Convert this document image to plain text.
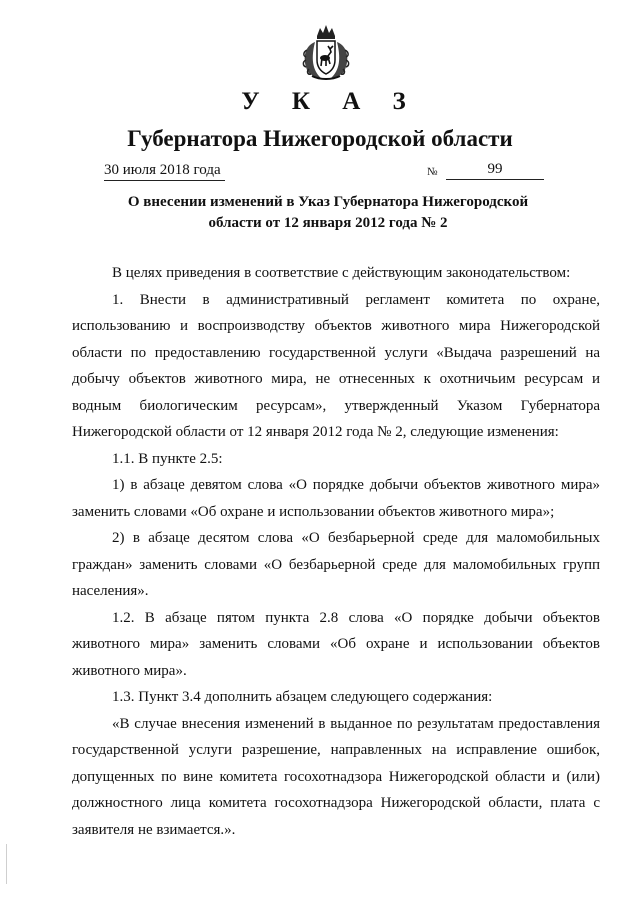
У К А З
Губернатора Нижегородской области
30 июля 2018 года	№	99
О внесении изменений в Указ Губернатора Нижегородской области от 12 января 2012 года № 2

В целях приведения в соответствие с действующим законодательством:

1. Внести в административный регламент комитета по охране, использованию и воспроизводству объектов животного мира Нижегородской области по предоставлению государственной услуги «Выдача разрешений на добычу объектов животного мира, не отнесенных к охотничьим ресурсам и водным биологическим ресурсам», утвержденный Указом Губернатора Нижегородской области от 12 января 2012 года № 2, следующие изменения:

1.1. В пункте 2.5:

1) в абзаце девятом слова «О порядке добычи объектов животного мира» заменить словами «Об охране и использовании объектов животного мира»;

2) в абзаце десятом слова «О безбарьерной среде для маломобильных граждан» заменить словами «О безбарьерной среде для маломобильных групп населения».

1.2. В абзаце пятом пункта 2.8 слова «О порядке добычи объектов животного мира» заменить словами «Об охране и использовании объектов животного мира».

1.3. Пункт 3.4 дополнить абзацем следующего содержания:

«В случае внесения изменений в выданное по результатам предоставления государственной услуги разрешение, направленных на исправление ошибок, допущенных по вине комитета госохотнадзора Нижегородской области и (или) должностного лица комитета госохотнадзора Нижегородской области, плата с заявителя не взимается.».
